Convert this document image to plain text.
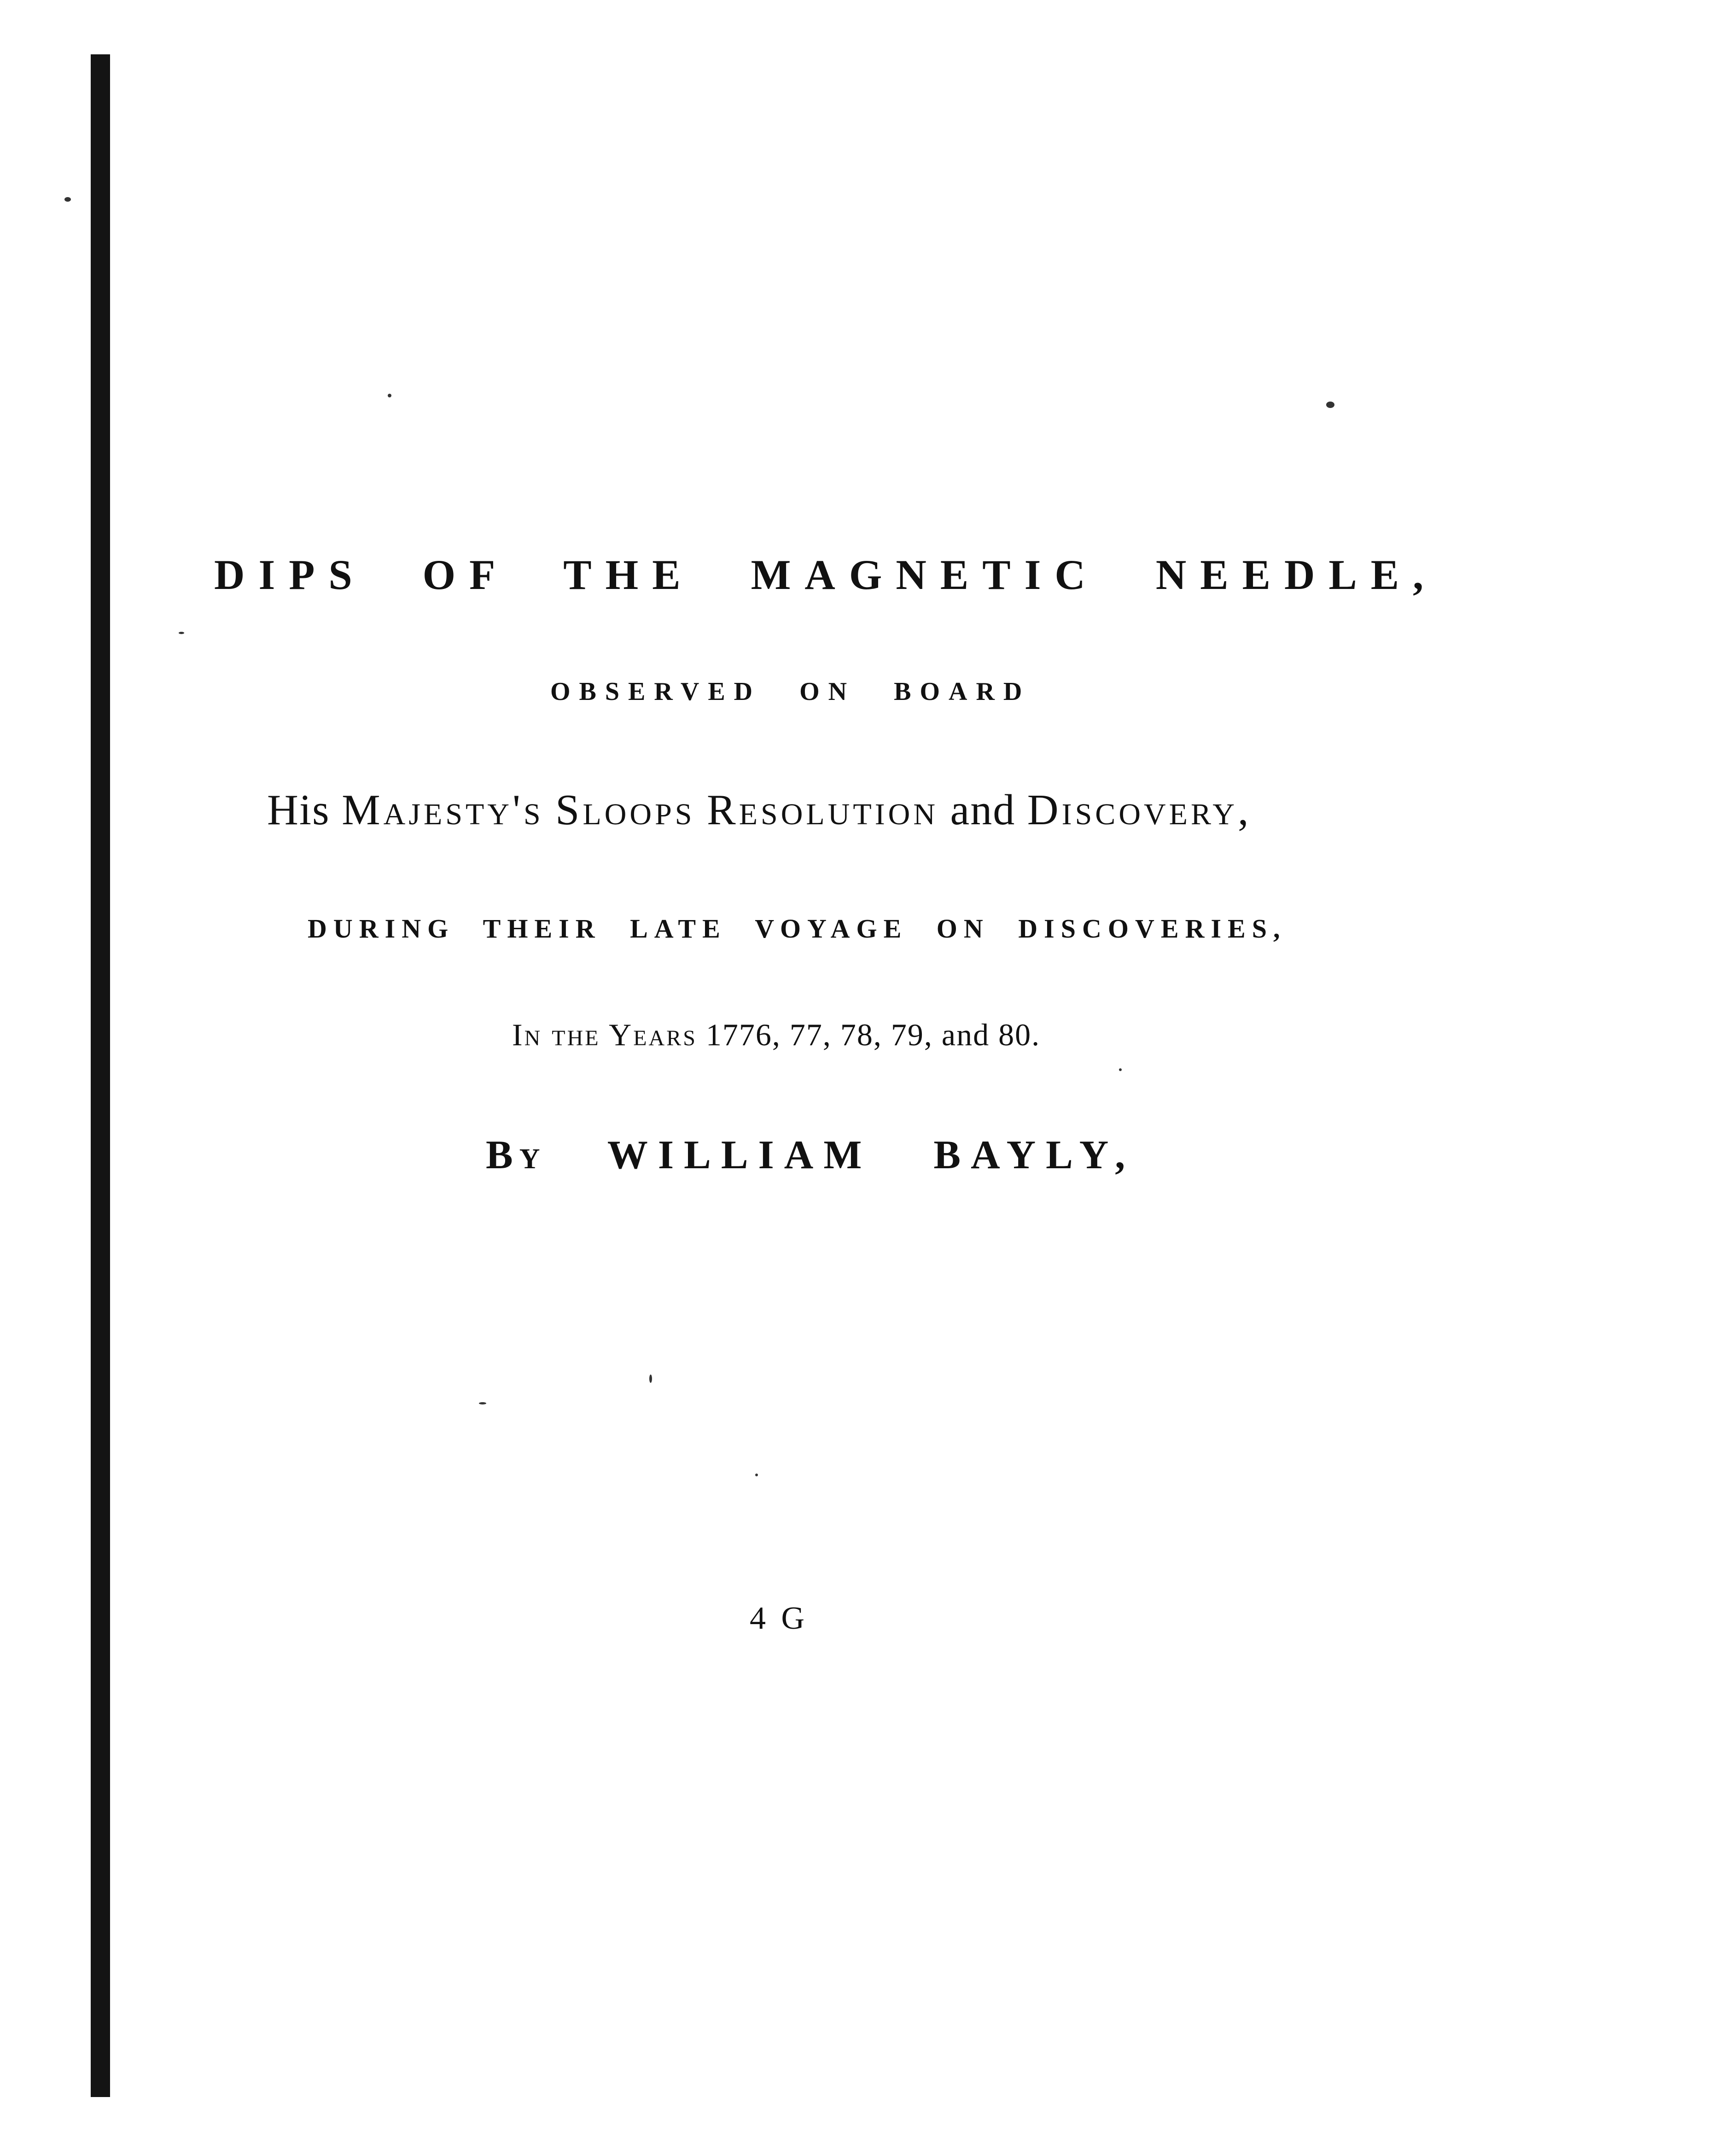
DIPS OF THE MAGNETIC NEEDLE,
OBSERVED ON BOARD
His Majesty's Sloops Resolution and Discovery,
DURING THEIR LATE VOYAGE ON DISCOVERIES,
In the Years 1776, 77, 78, 79, and 80.
By WILLIAM BAYLY,
4 G
